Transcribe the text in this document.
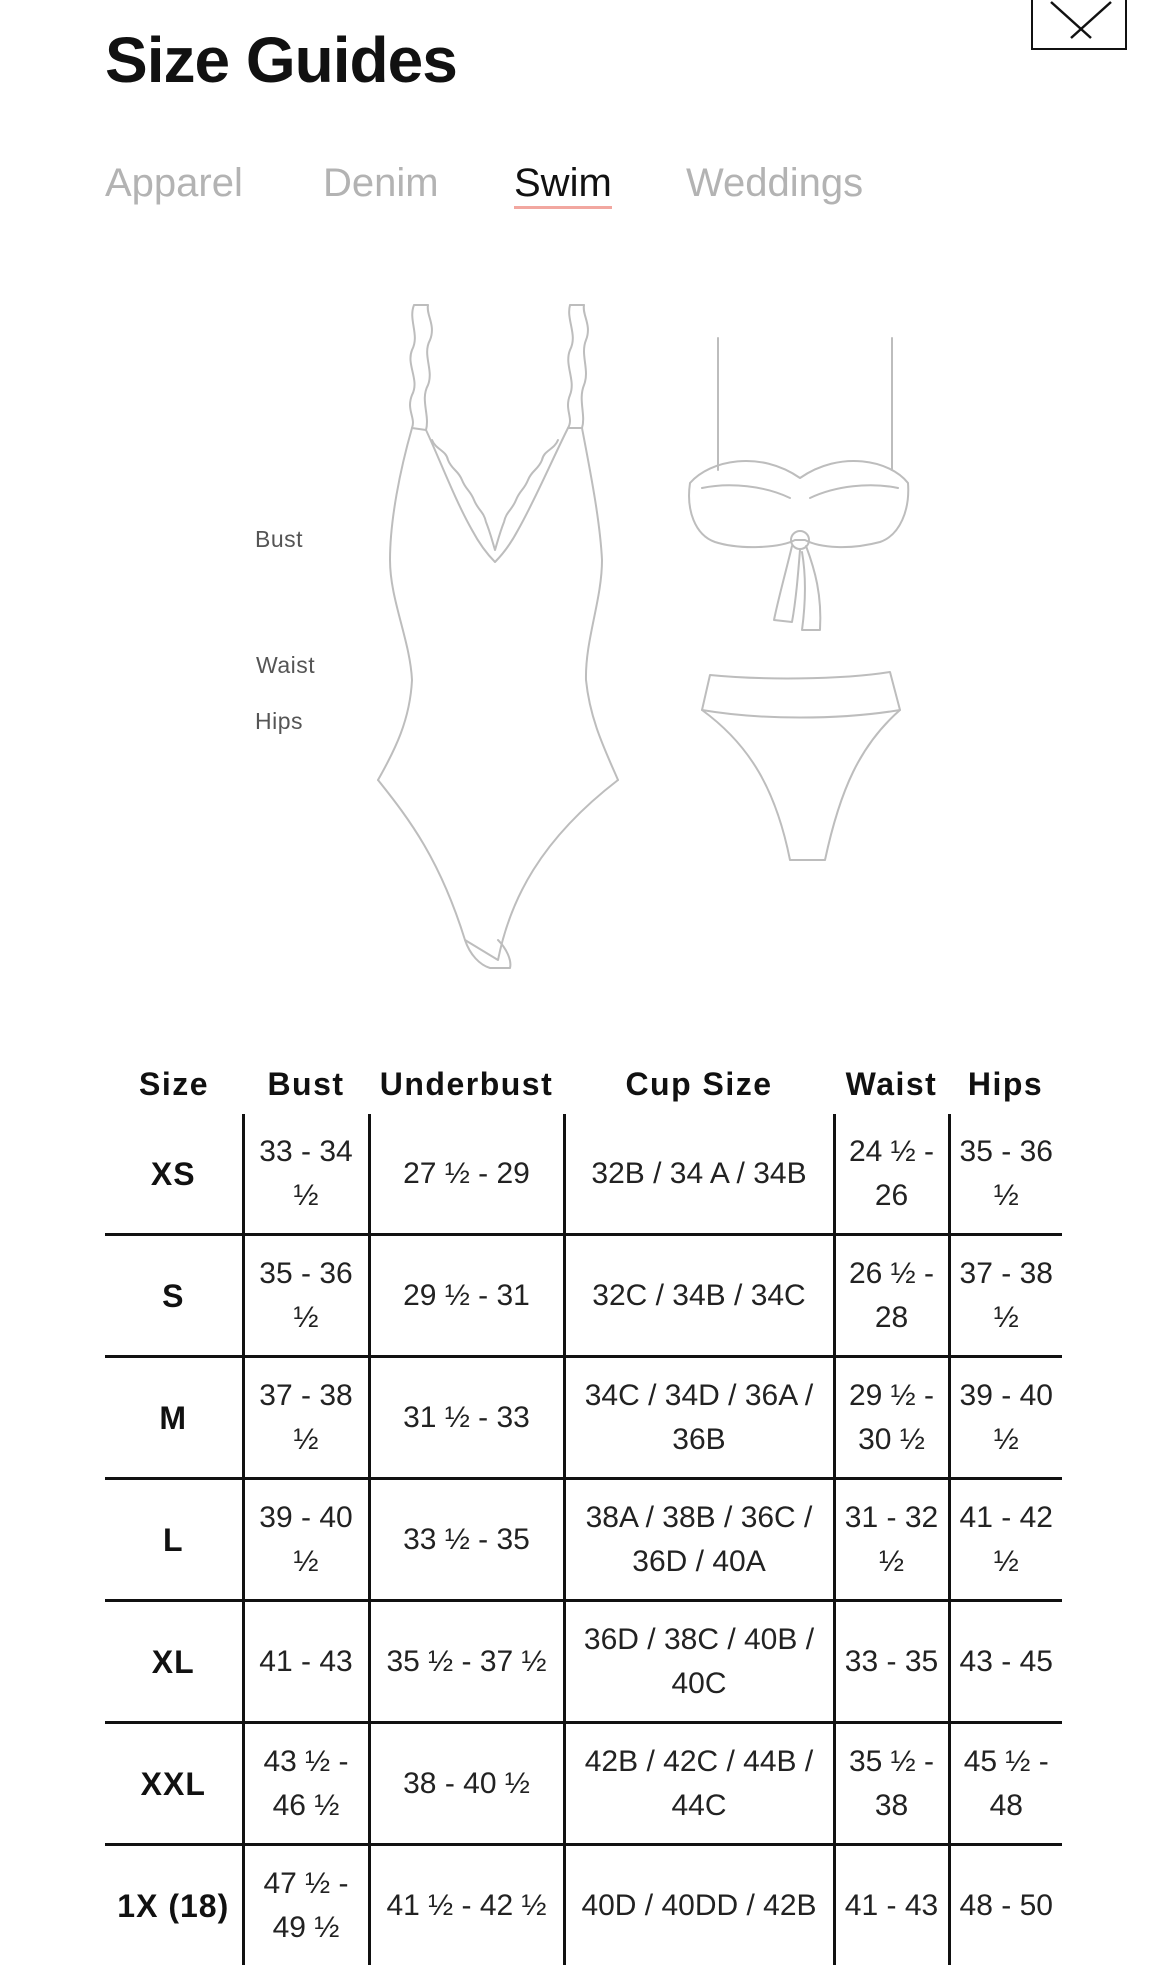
Size Guides
Apparel Denim Swim Weddings
Bust
Waist
Hips
Size	Bust	Underbust	Cup Size	Waist	Hips
XS	33 - 34 ½	27 ½ - 29	32B / 34 A / 34B	24 ½ - 26	35 - 36 ½
S	35 - 36 ½	29 ½ - 31	32C / 34B / 34C	26 ½ - 28	37 - 38 ½
M	37 - 38 ½	31 ½ - 33	34C / 34D / 36A / 36B	29 ½ - 30 ½	39 - 40 ½
L	39 - 40 ½	33 ½ - 35	38A / 38B / 36C / 36D / 40A	31 - 32 ½	41 - 42 ½
XL	41 - 43	35 ½ - 37 ½	36D / 38C / 40B / 40C	33 - 35	43 - 45
XXL	43 ½ - 46 ½	38 - 40 ½	42B / 42C / 44B / 44C	35 ½ - 38	45 ½ - 48
1X (18)	47 ½ - 49 ½	41 ½ - 42 ½	40D / 40DD / 42B	41 - 43	48 - 50
